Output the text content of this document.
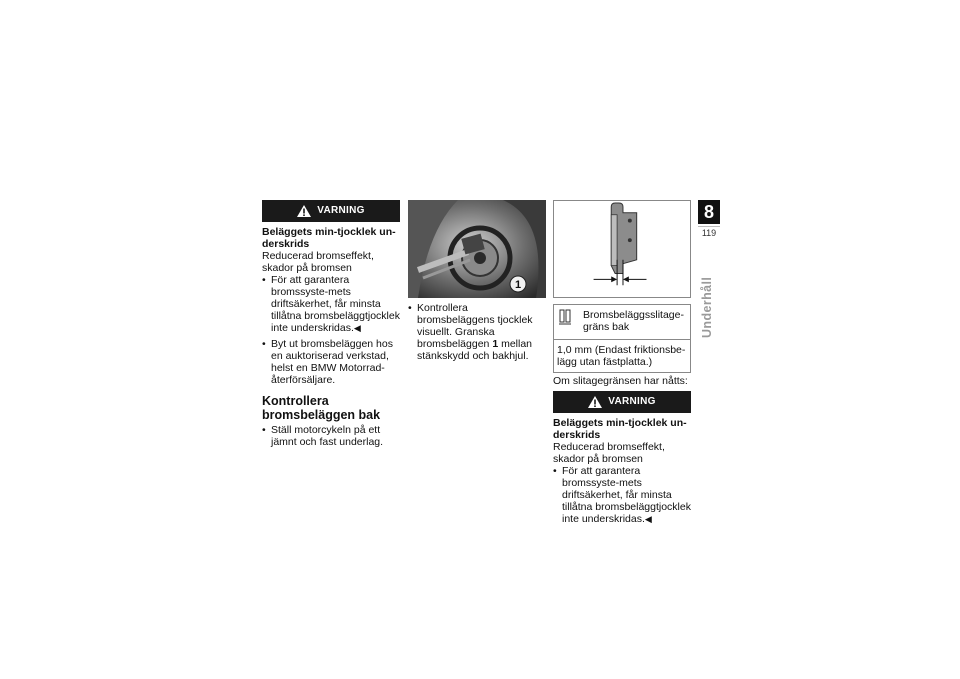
VARNING
Beläggets min-tjocklek un-derskrids

Reducerad bromseffekt, skador på bromsen

• För att garantera bromssyste-mets driftsäkerhet, får minsta tillåtna bromsbeläggtjocklek inte underskridas.◀
• Byt ut bromsbeläggen hos en auktoriserad verkstad, helst en BMW Motorrad-återförsäljare.
Kontrollera bromsbeläggen bak
• Ställ motorcykeln på ett jämnt och fast underlag.
1
• Kontrollera bromsbeläggens tjocklek visuellt. Granska bromsbeläggen 1 mellan stänkskydd och bakhjul.
Bromsbeläggsslitage-gräns bak
1,0 mm (Endast friktionsbe-lägg utan fästplatta.)

Om slitagegränsen har nåtts:

VARNING
Beläggets min-tjocklek un-derskrids

Reducerad bromseffekt, skador på bromsen

• För att garantera bromssyste-mets driftsäkerhet, får minsta tillåtna bromsbeläggtjocklek inte underskridas.◀
8
119
Underhåll
